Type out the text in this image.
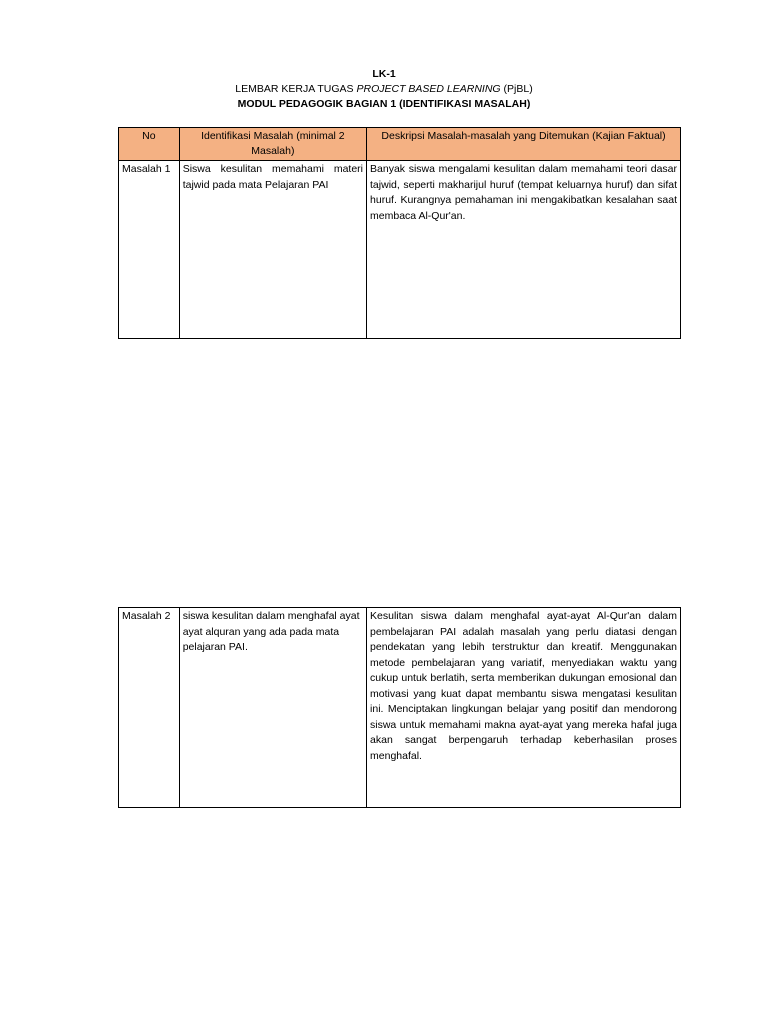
LK-1
LEMBAR KERJA TUGAS PROJECT BASED LEARNING (PjBL)
MODUL PEDAGOGIK BAGIAN 1 (IDENTIFIKASI MASALAH)
No	Identifikasi Masalah (minimal 2 Masalah)	Deskripsi Masalah-masalah yang Ditemukan (Kajian Faktual)
Masalah 1	Siswa kesulitan memahami materi tajwid pada mata Pelajaran PAI	Banyak siswa mengalami kesulitan dalam memahami teori dasar tajwid, seperti makharijul huruf (tempat keluarnya huruf) dan sifat huruf. Kurangnya pemahaman ini mengakibatkan kesalahan saat membaca Al-Qur'an.
Masalah 2	siswa kesulitan dalam menghafal ayat ayat alquran yang ada pada mata pelajaran PAI.	Kesulitan siswa dalam menghafal ayat-ayat Al-Qur'an dalam pembelajaran PAI adalah masalah yang perlu diatasi dengan pendekatan yang lebih terstruktur dan kreatif. Menggunakan metode pembelajaran yang variatif, menyediakan waktu yang cukup untuk berlatih, serta memberikan dukungan emosional dan motivasi yang kuat dapat membantu siswa mengatasi kesulitan ini. Menciptakan lingkungan belajar yang positif dan mendorong siswa untuk memahami makna ayat-ayat yang mereka hafal juga akan sangat berpengaruh terhadap keberhasilan proses menghafal.
